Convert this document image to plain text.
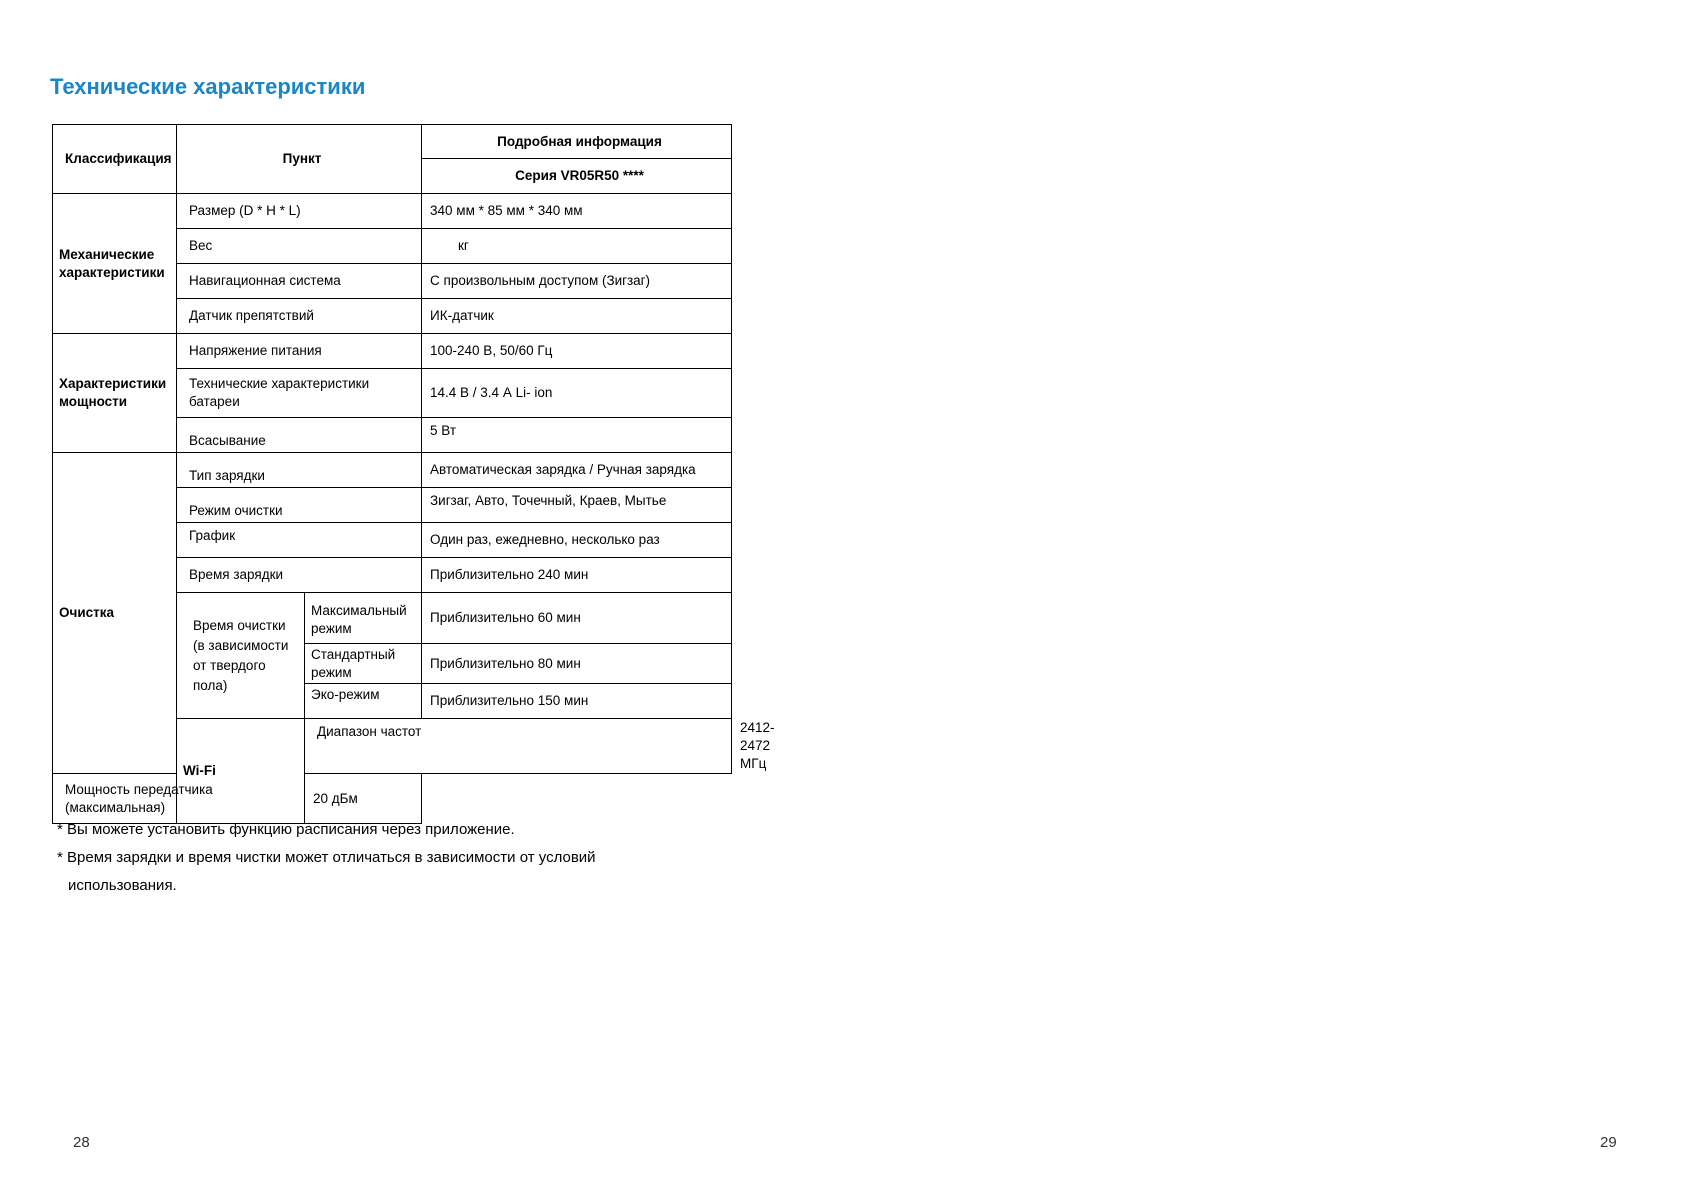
Технические характеристики
Классификация	Пункт		Подробная информация	
			Серия VR05R50 ****	
Механические характеристики	Размер (D * H * L)		340 мм * 85 мм * 340 мм	
	Вес		кг	
	Навигационная система		С произвольным доступом (Зигзаг)	
	Датчик препятствий		ИК-датчик	
Характеристики мощности	Напряжение питания		100-240 В, 50/60 Гц	
	Технические характеристики батареи		14.4 В / 3.4 А Li- ion	
	Всасывание		5 Вт	
Очистка	Тип зарядки		Автоматическая зарядка / Ручная зарядка	
	Режим очистки		Зигзаг, Авто, Точечный, Краев, Мытье	
	График		Один раз, ежедневно, несколько раз	
	Время зарядки		Приблизительно 240 мин	
	Время очистки (в зависимости от твердого пола)	Максимальный режим	Приблизительно 60 мин	
		Стандартный режим	Приблизительно 80 мин	
		Эко-режим	Приблизительно 150 мин	
	Wi-Fi	Диапазон частот		2412-2472 МГц
Мощность передатчика (максимальная)		20 дБм		

* Вы можете установить функцию расписания через приложение.

* Время зарядки и время чистки может отличаться в зависимости от условий

использования.

28	29
